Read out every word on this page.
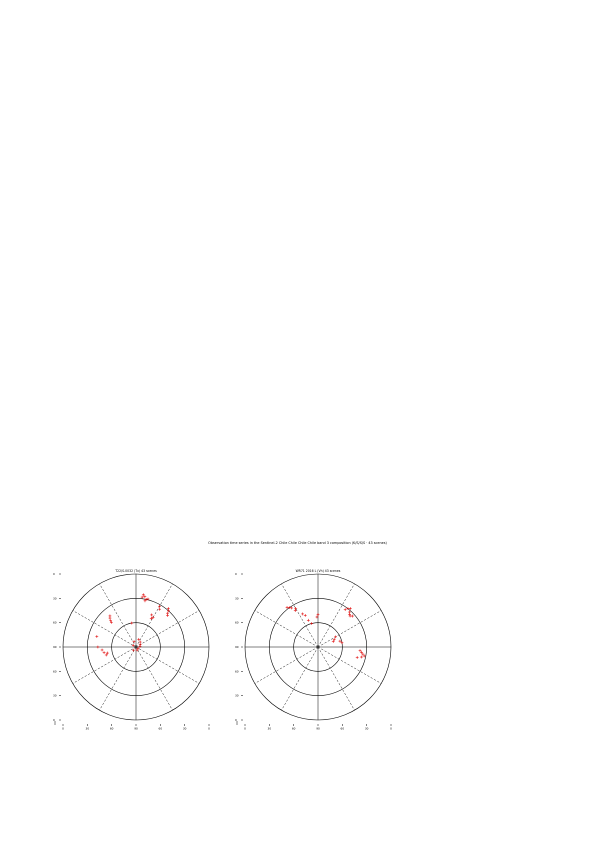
Observation time series in the Sentinel-2 Chile Chile Chile Chile band 3 composition (K/S/S/S · 43 scenes)
T22/S-0032 (Tx) 43 scenes
0	30	60	90	60	30	0
0
30
60
90
60
30
0
WR71 2016 L (Vh) 43 scenes
0	30	60	90	60	30	0
0
30
60
90
60
30
0
